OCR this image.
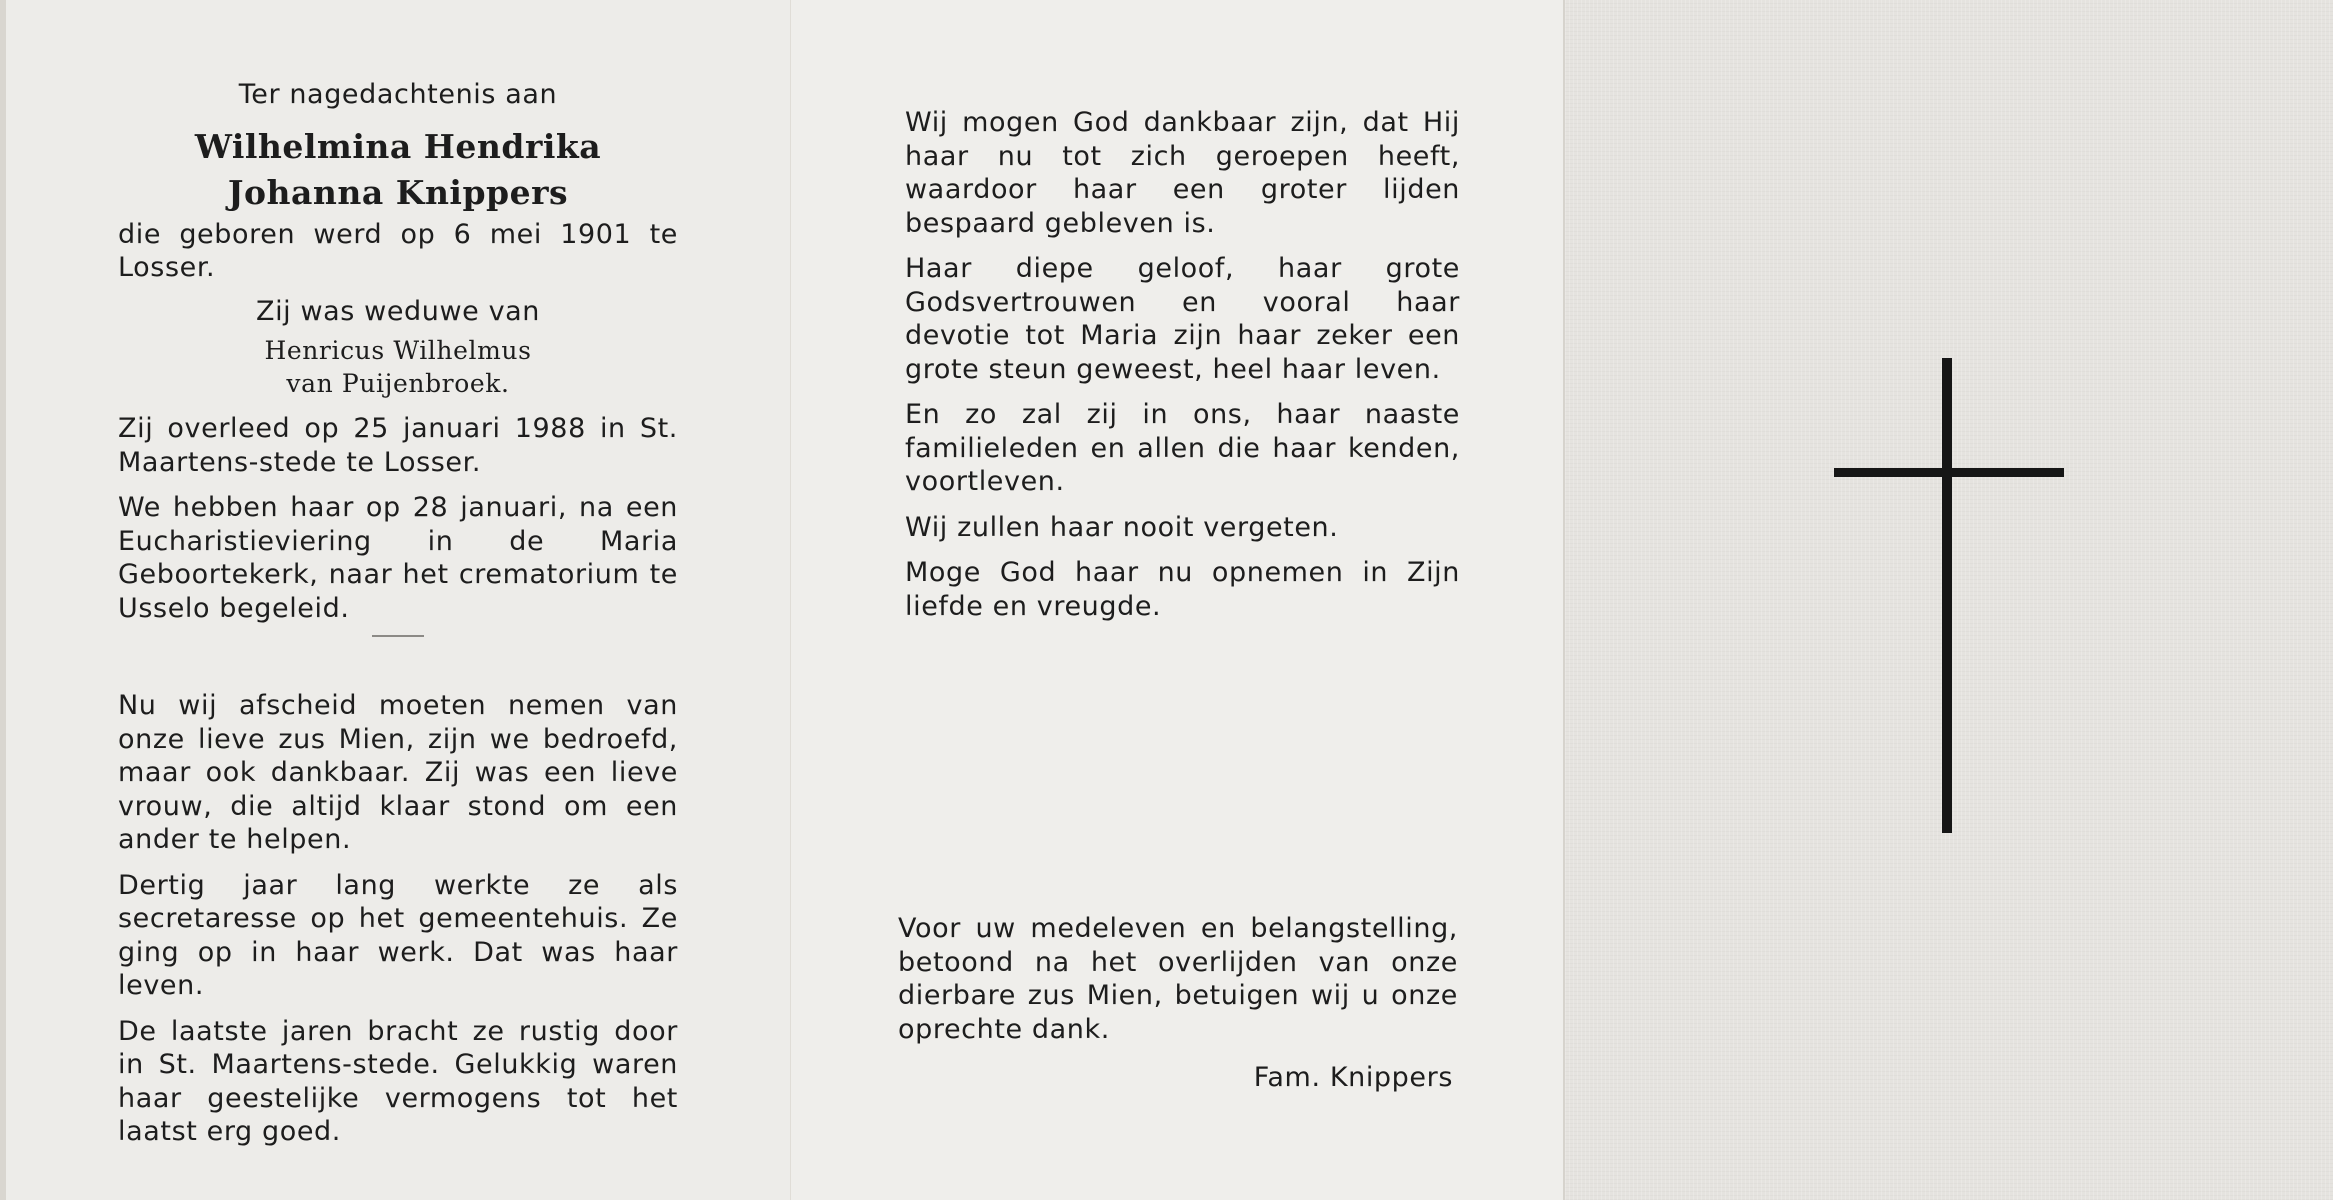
Ter nagedachtenis aan

Wilhelmina Hendrika

Johanna Knippers

die geboren werd op 6 mei 1901 te Losser.

Zij was weduwe van

Henricus Wilhelmus

van Puijenbroek.

Zij overleed op 25 januari 1988 in St. Maartens-stede te Losser.

We hebben haar op 28 januari, na een Eucharistieviering in de Maria Geboortekerk, naar het crematorium te Usselo begeleid.

Nu wij afscheid moeten nemen van onze lieve zus Mien, zijn we bedroefd, maar ook dankbaar. Zij was een lieve vrouw, die altijd klaar stond om een ander te helpen.

Dertig jaar lang werkte ze als secretaresse op het gemeentehuis. Ze ging op in haar werk. Dat was haar leven.

De laatste jaren bracht ze rustig door in St. Maartens-stede. Gelukkig waren haar geestelijke vermogens tot het laatst erg goed.

Wij mogen God dankbaar zijn, dat Hij haar nu tot zich geroepen heeft, waardoor haar een groter lijden bespaard gebleven is.

Haar diepe geloof, haar grote Godsvertrouwen en vooral haar devotie tot Maria zijn haar zeker een grote steun geweest, heel haar leven.

En zo zal zij in ons, haar naaste familieleden en allen die haar kenden, voortleven.

Wij zullen haar nooit vergeten.

Moge God haar nu opnemen in Zijn liefde en vreugde.

Voor uw medeleven en belangstelling, betoond na het overlijden van onze dierbare zus Mien, betuigen wij u onze oprechte dank.

Fam. Knippers
